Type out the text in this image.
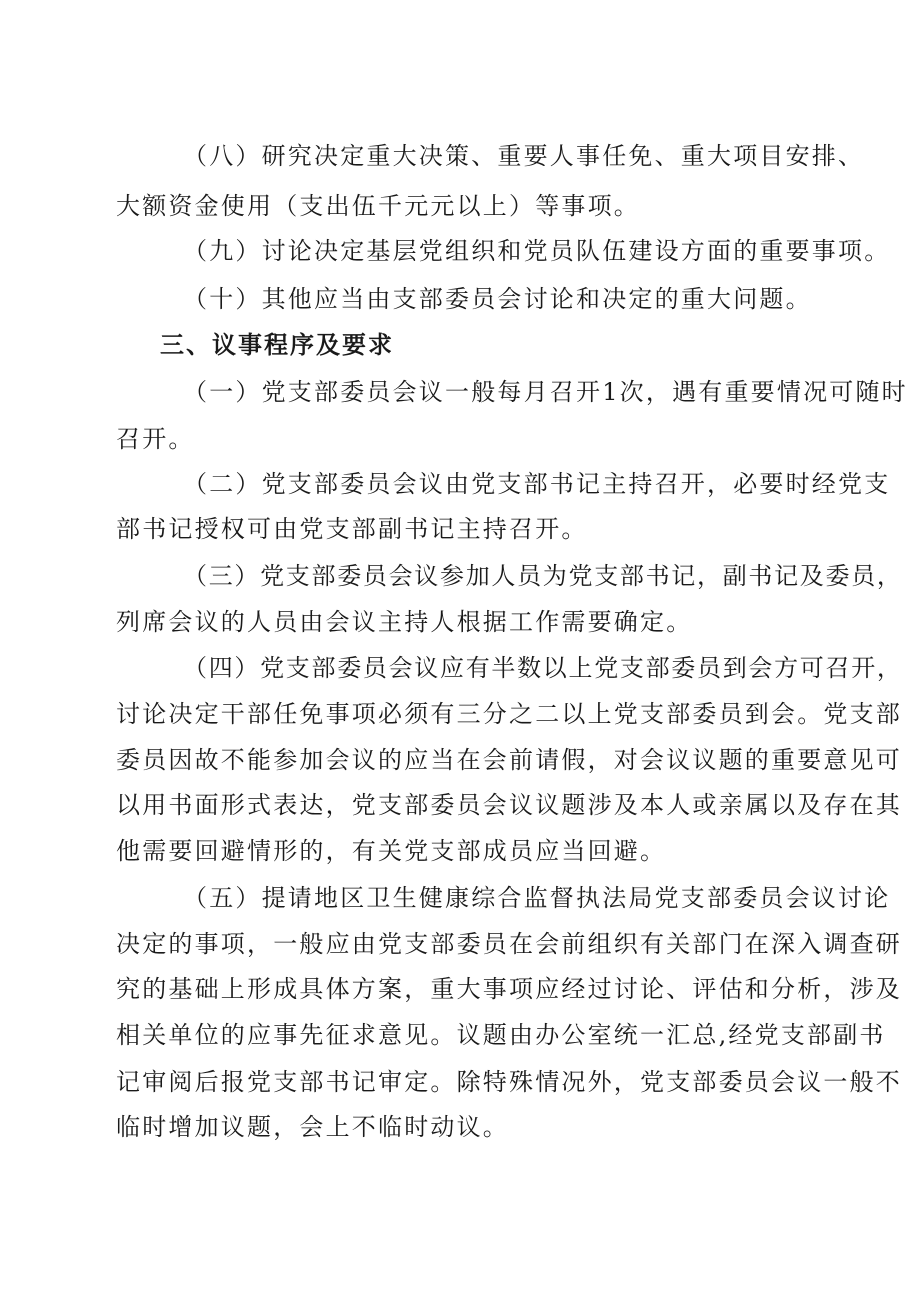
（八）研究决定重大决策、重要人事任免、重大项目安排、

大额资金使用（支出伍千元元以上）等事项。

（九）讨论决定基层党组织和党员队伍建设方面的重要事项。

（十）其他应当由支部委员会讨论和决定的重大问题。

三、议事程序及要求

（一）党支部委员会议一般每月召开1次，遇有重要情况可随时

召开。

（二）党支部委员会议由党支部书记主持召开，必要时经党支

部书记授权可由党支部副书记主持召开。

（三）党支部委员会议参加人员为党支部书记，副书记及委员，

列席会议的人员由会议主持人根据工作需要确定。

（四）党支部委员会议应有半数以上党支部委员到会方可召开，

讨论决定干部任免事项必须有三分之二以上党支部委员到会。党支部

委员因故不能参加会议的应当在会前请假，对会议议题的重要意见可

以用书面形式表达，党支部委员会议议题涉及本人或亲属以及存在其

他需要回避情形的，有关党支部成员应当回避。

（五）提请地区卫生健康综合监督执法局党支部委员会议讨论

决定的事项，一般应由党支部委员在会前组织有关部门在深入调查研

究的基础上形成具体方案，重大事项应经过讨论、评估和分析，涉及

相关单位的应事先征求意见。议题由办公室统一汇总,经党支部副书

记审阅后报党支部书记审定。除特殊情况外，党支部委员会议一般不

临时增加议题，会上不临时动议。
